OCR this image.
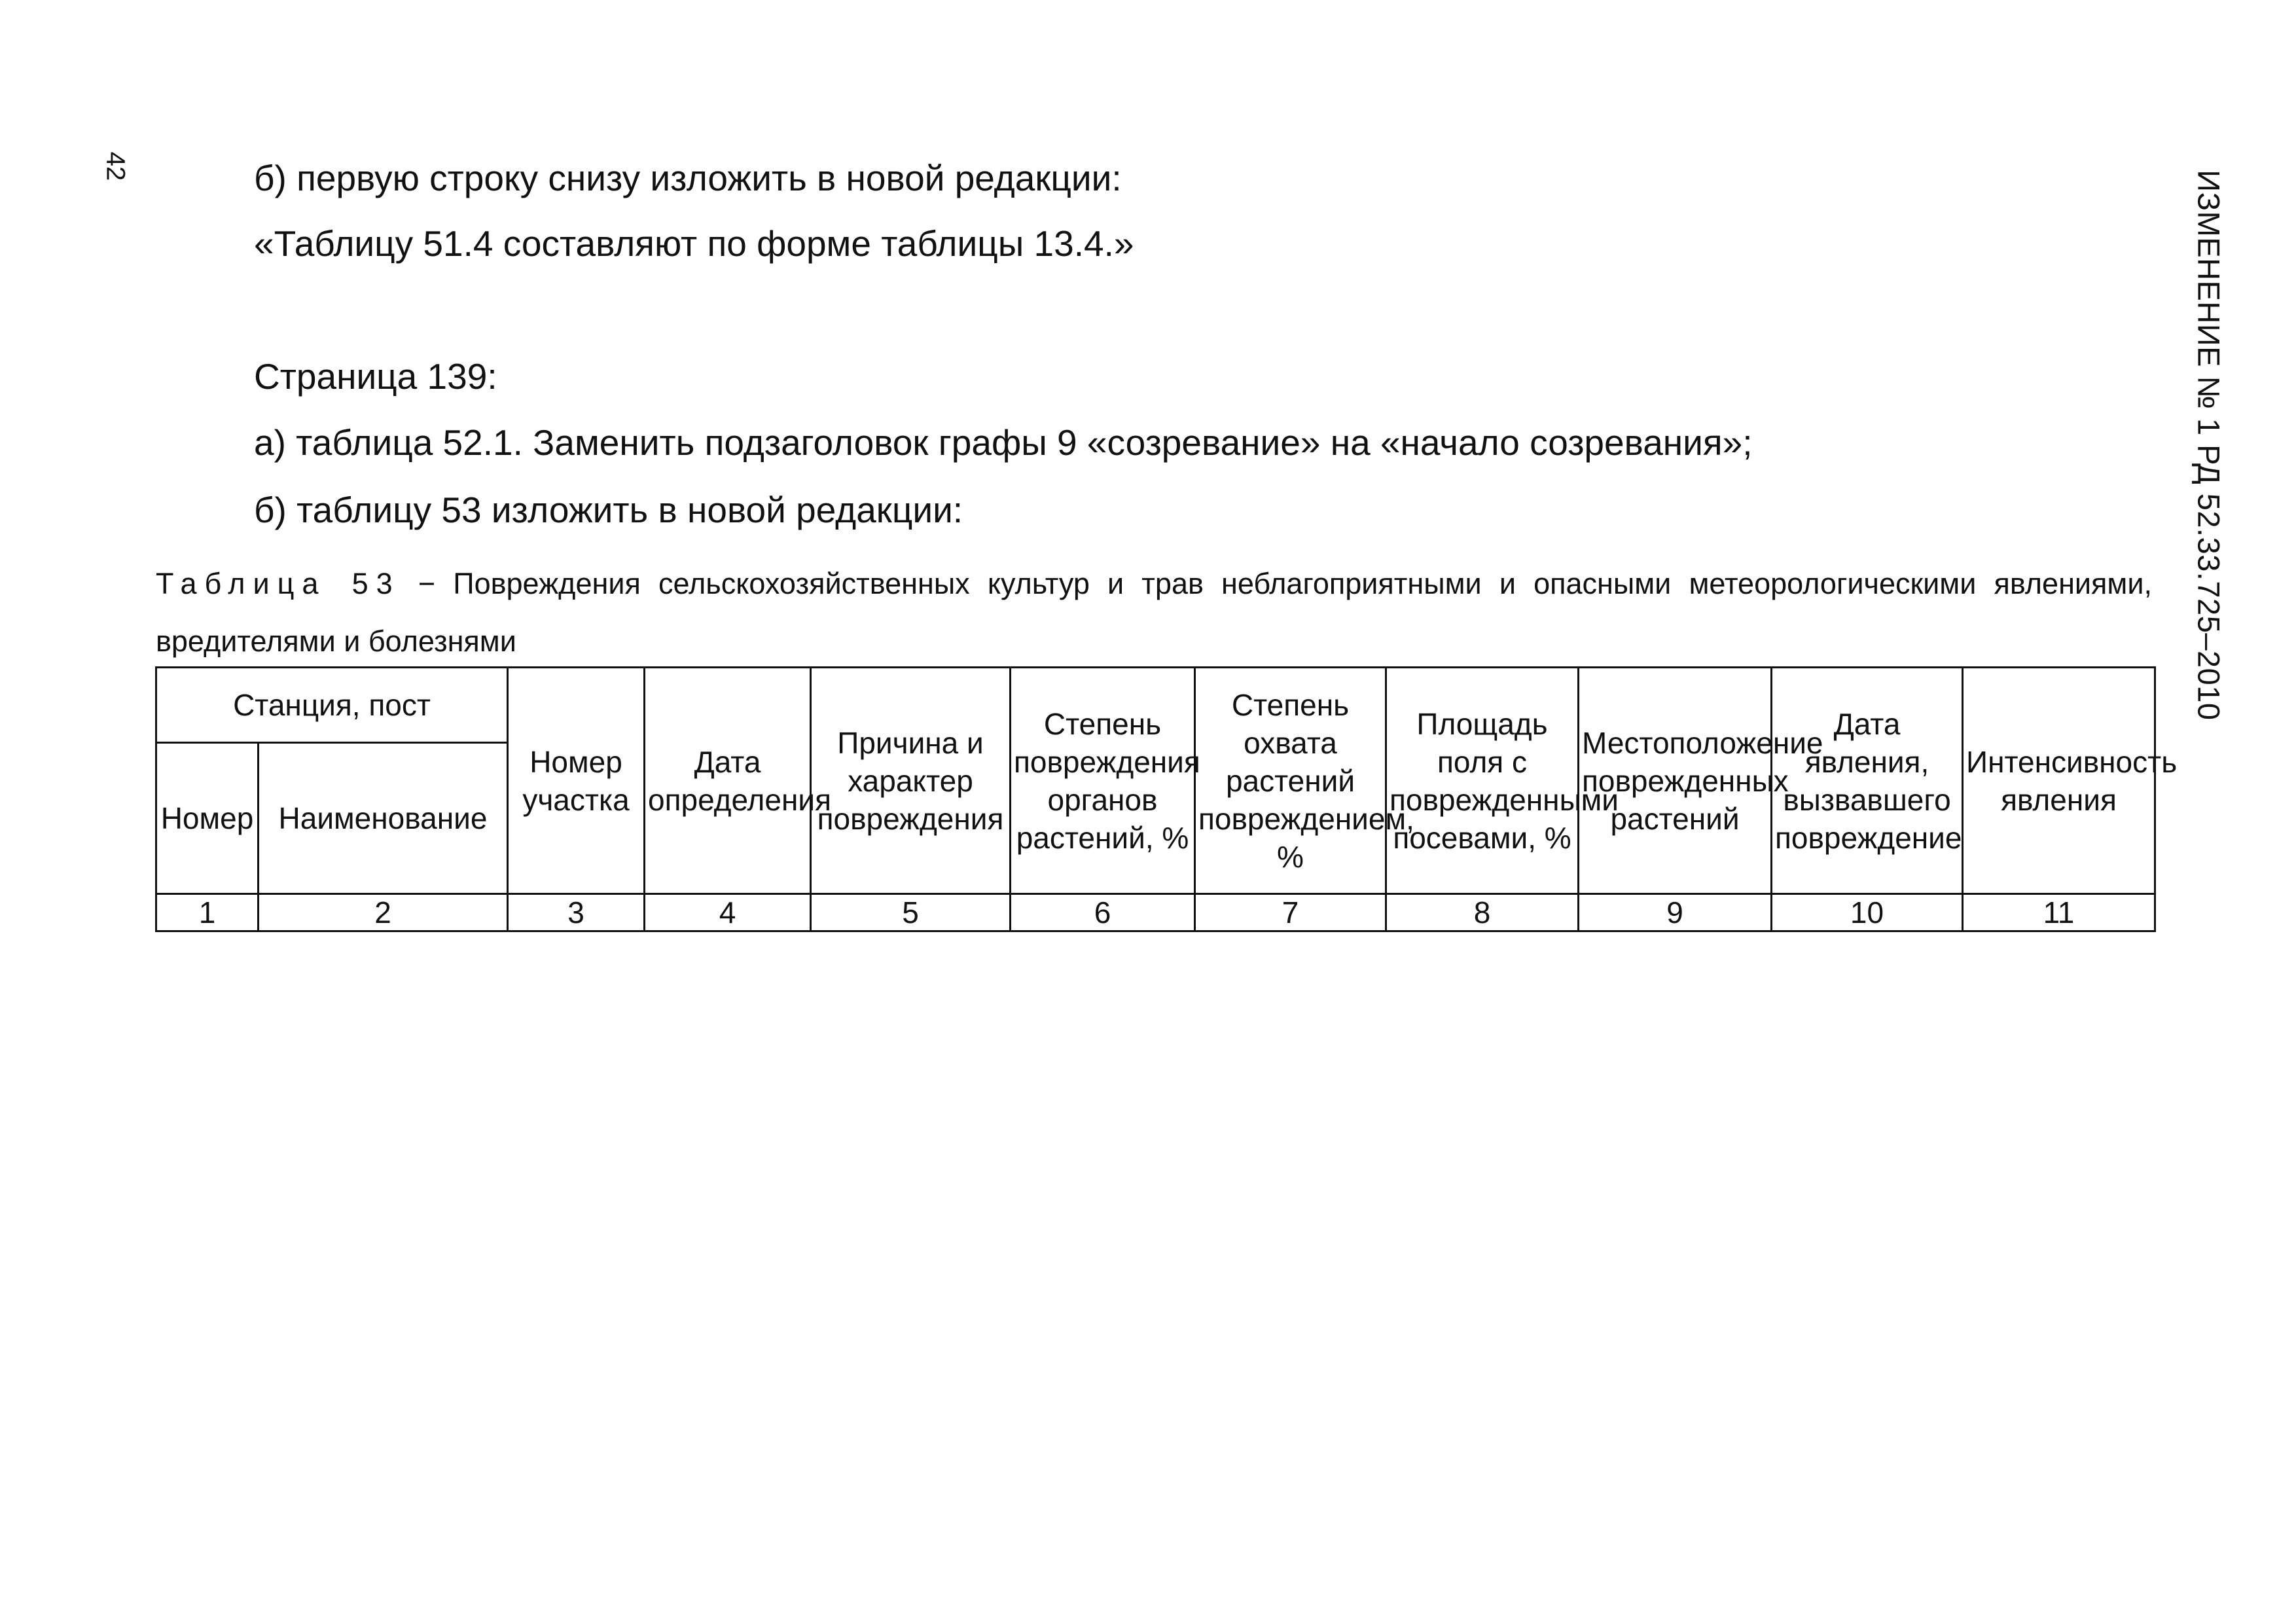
42
ИЗМЕНЕНИЕ № 1 РД 52.33.725–2010
б) первую строку снизу изложить в новой редакции:
«Таблицу 51.4 составляют по форме таблицы 13.4.»
Страница 139:
а) таблица 52.1. Заменить подзаголовок графы 9 «созревание» на «начало созревания»;
б) таблицу 53 изложить в новой редакции:
Таблица 53 − Повреждения сельскохозяйственных культур и трав неблагоприятными и опасными метеорологическими явлениями, вредителями и болезнями
Станция, пост		Номер участка	Дата определения	Причина и характер повреждения	Степень повреждения органов растений, %	Степень охвата растений повреждением, %	Площадь поля с поврежденными посевами, %	Местоположение поврежденных растений	Дата явления, вызвавшего повреждение	Интенсивность явления
Номер	Наименование									
1	2	3	4	5	6	7	8	9	10	11
